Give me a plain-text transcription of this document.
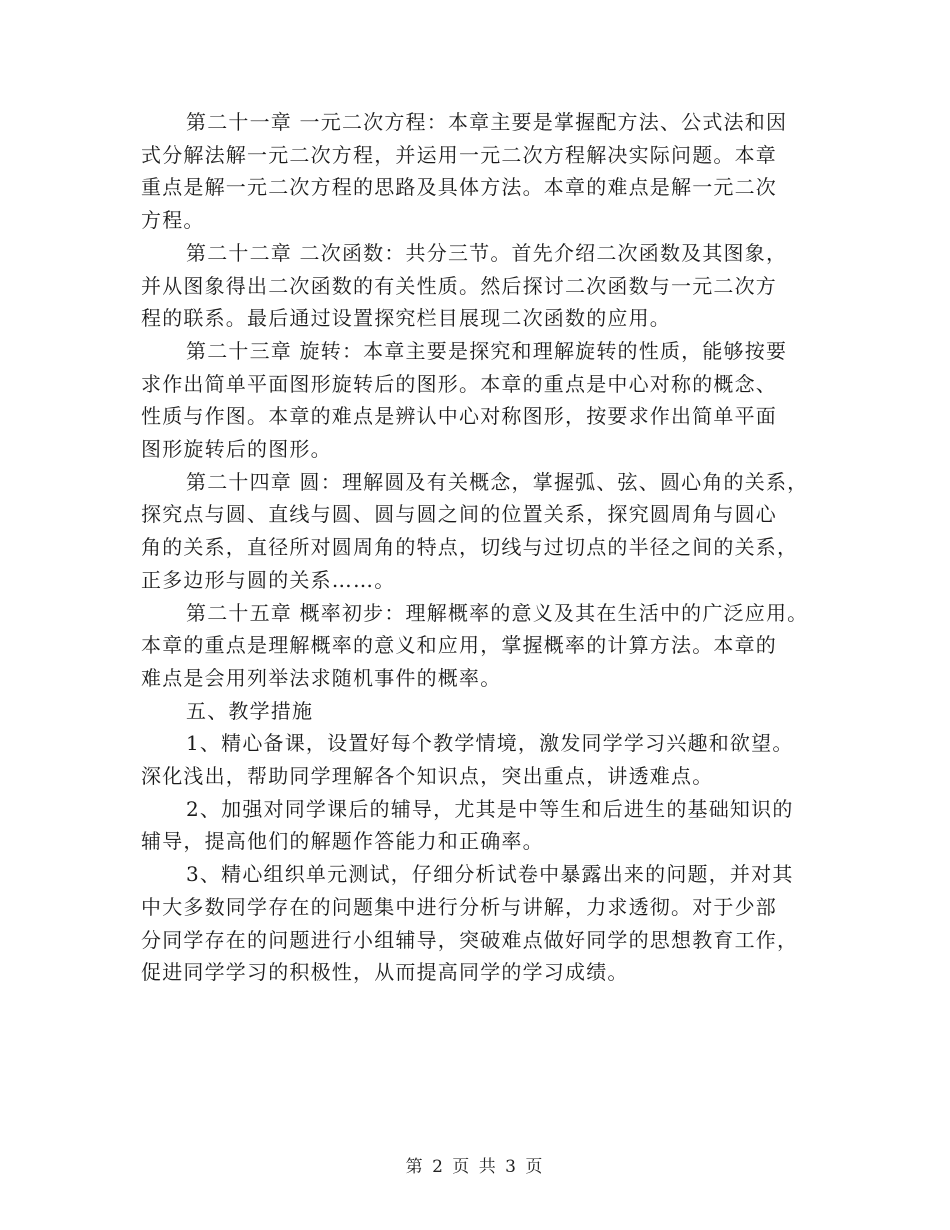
第二十一章 一元二次方程：本章主要是掌握配方法、公式法和因
式分解法解一元二次方程，并运用一元二次方程解决实际问题。本章
重点是解一元二次方程的思路及具体方法。本章的难点是解一元二次
方程。

第二十二章 二次函数：共分三节。首先介绍二次函数及其图象，
并从图象得出二次函数的有关性质。然后探讨二次函数与一元二次方
程的联系。最后通过设置探究栏目展现二次函数的应用。

第二十三章 旋转：本章主要是探究和理解旋转的性质，能够按要
求作出简单平面图形旋转后的图形。本章的重点是中心对称的概念、
性质与作图。本章的难点是辨认中心对称图形，按要求作出简单平面
图形旋转后的图形。

第二十四章 圆：理解圆及有关概念，掌握弧、弦、圆心角的关系，
探究点与圆、直线与圆、圆与圆之间的位置关系，探究圆周角与圆心
角的关系，直径所对圆周角的特点，切线与过切点的半径之间的关系，
正多边形与圆的关系……。

第二十五章 概率初步：理解概率的意义及其在生活中的广泛应用。
本章的重点是理解概率的意义和应用，掌握概率的计算方法。本章的
难点是会用列举法求随机事件的概率。

五、教学措施

1、精心备课，设置好每个教学情境，激发同学学习兴趣和欲望。
深化浅出，帮助同学理解各个知识点，突出重点，讲透难点。

2、加强对同学课后的辅导，尤其是中等生和后进生的基础知识的
辅导，提高他们的解题作答能力和正确率。

3、精心组织单元测试，仔细分析试卷中暴露出来的问题，并对其
中大多数同学存在的问题集中进行分析与讲解，力求透彻。对于少部
分同学存在的问题进行小组辅导，突破难点做好同学的思想教育工作，
促进同学学习的积极性，从而提高同学的学习成绩。

第 2 页 共 3 页
